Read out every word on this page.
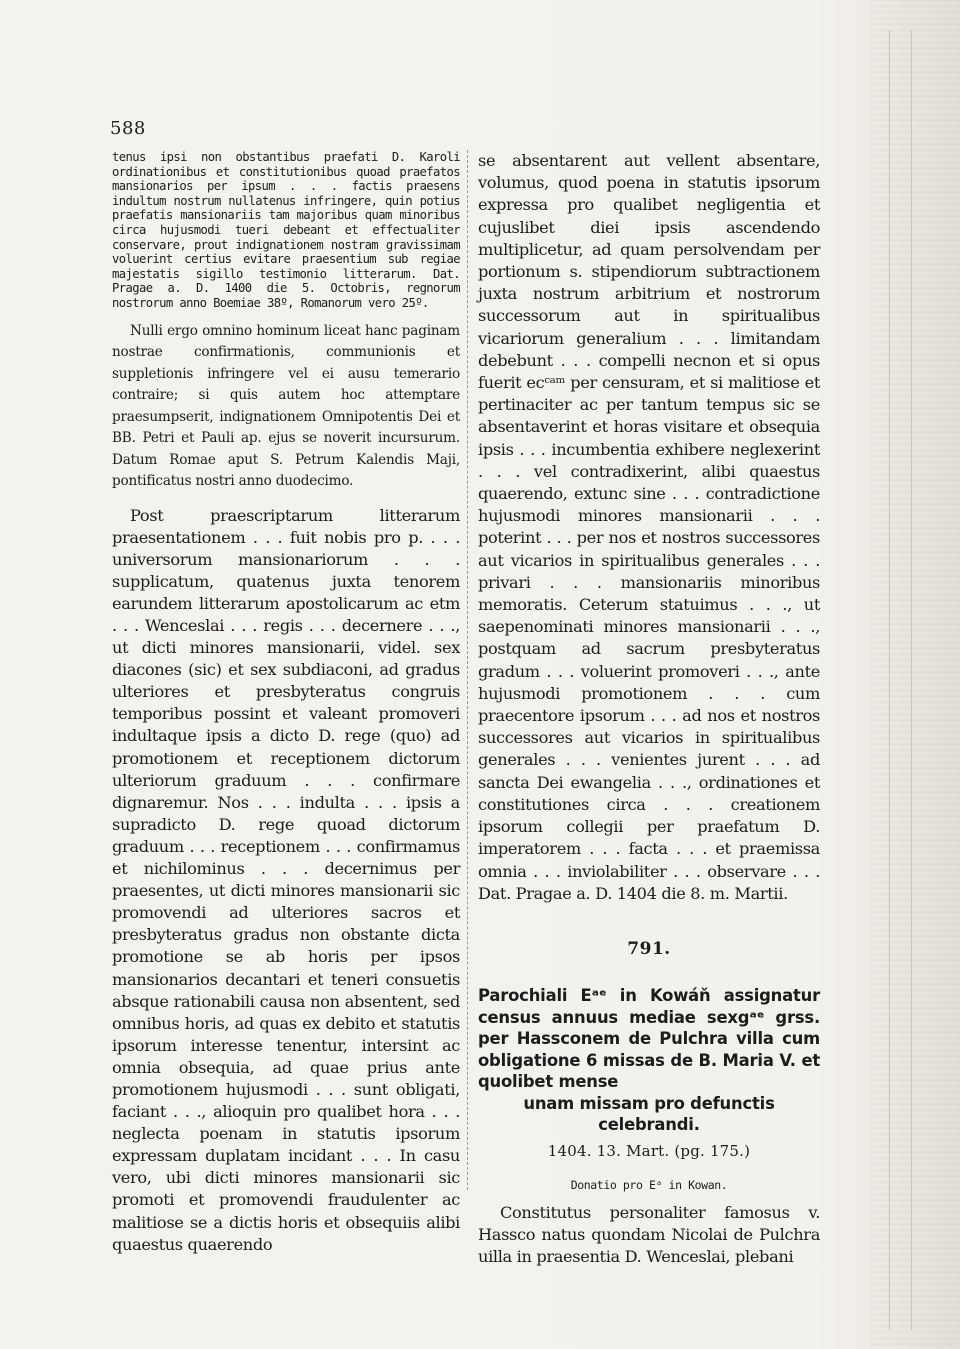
588

tenus ipsi non obstantibus praefati D. Karoli ordinationibus et constitutionibus quoad praefatos mansionarios per ipsum . . . factis praesens indultum nostrum nullatenus infringere, quin potius praefatis mansionariis tam majoribus quam minoribus circa hujusmodi tueri debeant et effectualiter conservare, prout indignationem nostram gravissimam voluerint certius evitare praesentium sub regiae majestatis sigillo testimonio litterarum. Dat. Pragae a. D. 1400 die 5. Octobris, regnorum nostrorum anno Boemiae 38º, Romanorum vero 25º.

Nulli ergo omnino hominum liceat hanc paginam nostrae confirmationis, communionis et suppletionis infringere vel ei ausu temerario contraire; si quis autem hoc attemptare praesumpserit, indignationem Omnipotentis Dei et BB. Petri et Pauli ap. ejus se noverit incursurum. Datum Romae aput S. Petrum Kalendis Maji, pontificatus nostri anno duodecimo.

Post praescriptarum litterarum praesentationem . . . fuit nobis pro p. . . . universorum mansionariorum . . . supplicatum, quatenus juxta tenorem earundem litterarum apostolicarum ac etm . . . Wenceslai . . . regis . . . decernere . . ., ut dicti minores mansionarii, videl. sex diacones (sic) et sex subdiaconi, ad gradus ulteriores et presbyteratus congruis temporibus possint et valeant promoveri indultaque ipsis a dicto D. rege (quo) ad promotionem et receptionem dictorum ulteriorum graduum . . . confirmare dignaremur. Nos . . . indulta . . . ipsis a supradicto D. rege quoad dictorum graduum . . . receptionem . . . confirmamus et nichilominus . . . decernimus per praesentes, ut dicti minores mansionarii sic promovendi ad ulteriores sacros et presbyteratus gradus non obstante dicta promotione se ab horis per ipsos mansionarios decantari et teneri consuetis absque rationabili causa non absentent, sed omnibus horis, ad quas ex debito et statutis ipsorum interesse tenentur, intersint ac omnia obsequia, ad quae prius ante promotionem hujusmodi . . . sunt obligati, faciant . . ., alioquin pro qualibet hora . . . neglecta poenam in statutis ipsorum expressam duplatam incidant . . . In casu vero, ubi dicti minores mansionarii sic promoti et promovendi fraudulenter ac malitiose se a dictis horis et obsequiis alibi quaestus quaerendo

se absentarent aut vellent absentare, volumus, quod poena in statutis ipsorum expressa pro qualibet negligentia et cujuslibet diei ipsis ascendendo multiplicetur, ad quam persolvendam per portionum s. stipendiorum subtractionem juxta nostrum arbitrium et nostrorum successorum aut in spiritualibus vicariorum generalium . . . limitandam debebunt . . . compelli necnon et si opus fuerit ecᶜᵃᵐ per censuram, et si malitiose et pertinaciter ac per tantum tempus sic se absentaverint et horas visitare et obsequia ipsis . . . incumbentia exhibere neglexerint . . . vel contradixerint, alibi quaestus quaerendo, extunc sine . . . contradictione hujusmodi minores mansionarii . . . poterint . . . per nos et nostros successores aut vicarios in spiritualibus generales . . . privari . . . mansionariis minoribus memoratis. Ceterum statuimus . . ., ut saepenominati minores mansionarii . . ., postquam ad sacrum presbyteratus gradum . . . voluerint promoveri . . ., ante hujusmodi promotionem . . . cum praecentore ipsorum . . . ad nos et nostros successores aut vicarios in spiritualibus generales . . . venientes jurent . . . ad sancta Dei ewangelia . . ., ordinationes et constitutiones circa . . . creationem ipsorum collegii per praefatum D. imperatorem . . . facta . . . et praemissa omnia . . . inviolabiliter . . . observare . . . Dat. Pragae a. D. 1404 die 8. m. Martii.

791.
Parochiali Eᵃᵉ in Kowáň assignatur census annuus mediae sexgᵃᵉ grss. per Hassconem de Pulchra villa cum obligatione 6 missas de B. Maria V. et quolibet mense
unam missam pro defunctis celebrandi.
1404. 13. Mart. (pg. 175.)
Donatio pro Eᵃ in Kowan.

Constitutus personaliter famosus v. Hassco natus quondam Nicolai de Pulchra uilla in praesentia D. Wenceslai, plebani
